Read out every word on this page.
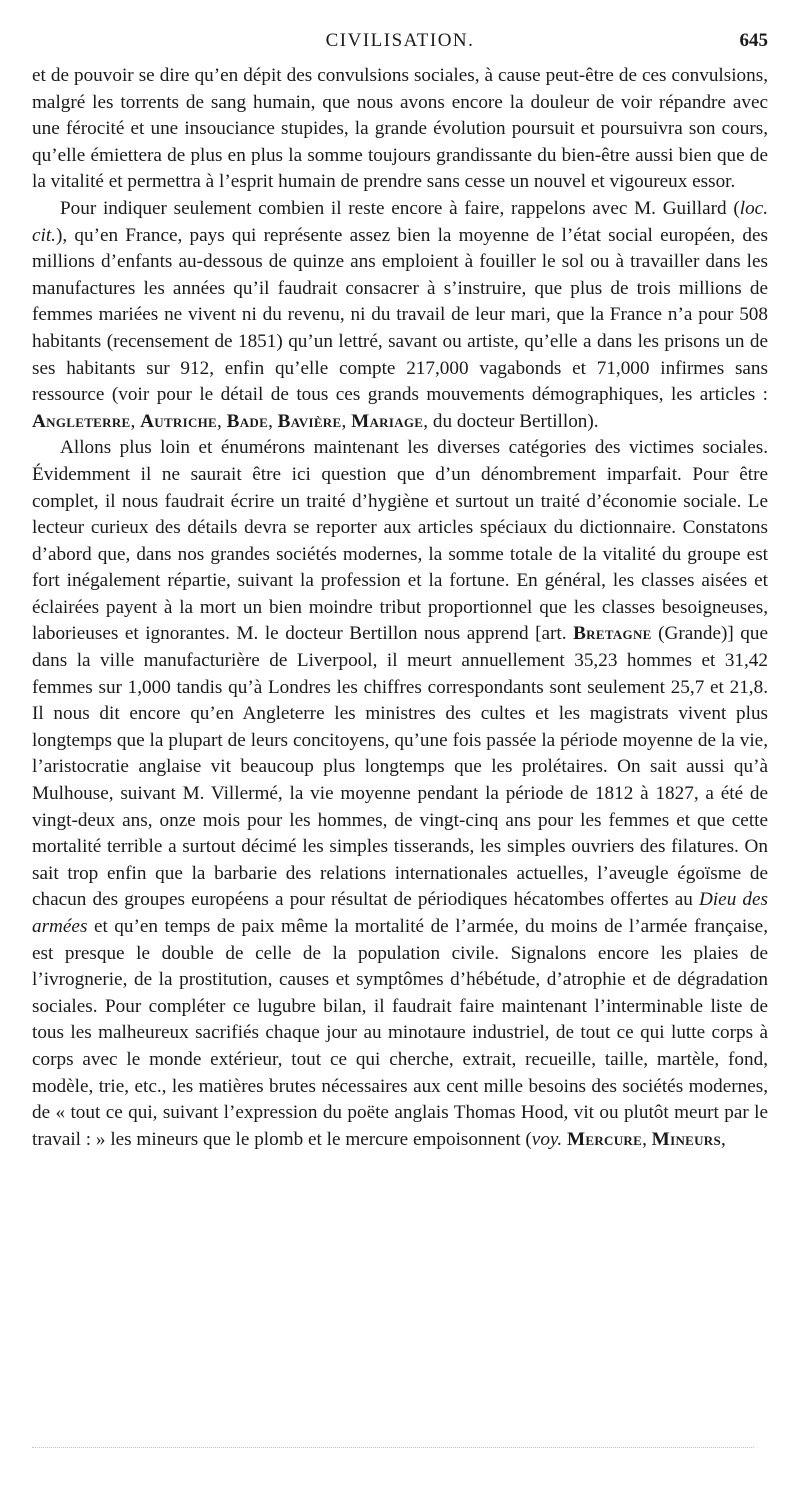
CIVILISATION.	645

et de pouvoir se dire qu’en dépit des convulsions sociales, à cause peut-être de ces convulsions, malgré les torrents de sang humain, que nous avons encore la douleur de voir répandre avec une férocité et une insouciance stupides, la grande évolution poursuit et poursuivra son cours, qu’elle émiettera de plus en plus la somme toujours grandissante du bien-être aussi bien que de la vitalité et permettra à l’esprit humain de prendre sans cesse un nouvel et vigoureux essor.

Pour indiquer seulement combien il reste encore à faire, rappelons avec M. Guillard (loc. cit.), qu’en France, pays qui représente assez bien la moyenne de l’état social européen, des millions d’enfants au-dessous de quinze ans emploient à fouiller le sol ou à travailler dans les manufactures les années qu’il faudrait consacrer à s’instruire, que plus de trois millions de femmes mariées ne vivent ni du revenu, ni du travail de leur mari, que la France n’a pour 508 habitants (recensement de 1851) qu’un lettré, savant ou artiste, qu’elle a dans les prisons un de ses habitants sur 912, enfin qu’elle compte 217,000 vagabonds et 71,000 infirmes sans ressource (voir pour le détail de tous ces grands mouvements démographiques, les articles : Angleterre, Autriche, Bade, Bavière, Mariage, du docteur Bertillon).

Allons plus loin et énumérons maintenant les diverses catégories des victimes sociales. Évidemment il ne saurait être ici question que d’un dénombrement imparfait. Pour être complet, il nous faudrait écrire un traité d’hygiène et surtout un traité d’économie sociale. Le lecteur curieux des détails devra se reporter aux articles spéciaux du dictionnaire. Constatons d’abord que, dans nos grandes sociétés modernes, la somme totale de la vitalité du groupe est fort inégalement répartie, suivant la profession et la fortune. En général, les classes aisées et éclairées payent à la mort un bien moindre tribut proportionnel que les classes besoigneuses, laborieuses et ignorantes. M. le docteur Bertillon nous apprend [art. Bretagne (Grande)] que dans la ville manufacturière de Liverpool, il meurt annuellement 35,23 hommes et 31,42 femmes sur 1,000 tandis qu’à Londres les chiffres correspondants sont seulement 25,7 et 21,8. Il nous dit encore qu’en Angleterre les ministres des cultes et les magistrats vivent plus longtemps que la plupart de leurs concitoyens, qu’une fois passée la période moyenne de la vie, l’aristocratie anglaise vit beaucoup plus longtemps que les prolétaires. On sait aussi qu’à Mulhouse, suivant M. Villermé, la vie moyenne pendant la période de 1812 à 1827, a été de vingt-deux ans, onze mois pour les hommes, de vingt-cinq ans pour les femmes et que cette mortalité terrible a surtout décimé les simples tisserands, les simples ouvriers des filatures. On sait trop enfin que la barbarie des relations internationales actuelles, l’aveugle égoïsme de chacun des groupes européens a pour résultat de périodiques hécatombes offertes au Dieu des armées et qu’en temps de paix même la mortalité de l’armée, du moins de l’armée française, est presque le double de celle de la population civile. Signalons encore les plaies de l’ivrognerie, de la prostitution, causes et symptômes d’hébétude, d’atrophie et de dégradation sociales. Pour compléter ce lugubre bilan, il faudrait faire maintenant l’interminable liste de tous les malheureux sacrifiés chaque jour au minotaure industriel, de tout ce qui lutte corps à corps avec le monde extérieur, tout ce qui cherche, extrait, recueille, taille, martèle, fond, modèle, trie, etc., les matières brutes nécessaires aux cent mille besoins des sociétés modernes, de « tout ce qui, suivant l’expression du poëte anglais Thomas Hood, vit ou plutôt meurt par le travail : » les mineurs que le plomb et le mercure empoisonnent (voy. Mercure, Mineurs,
